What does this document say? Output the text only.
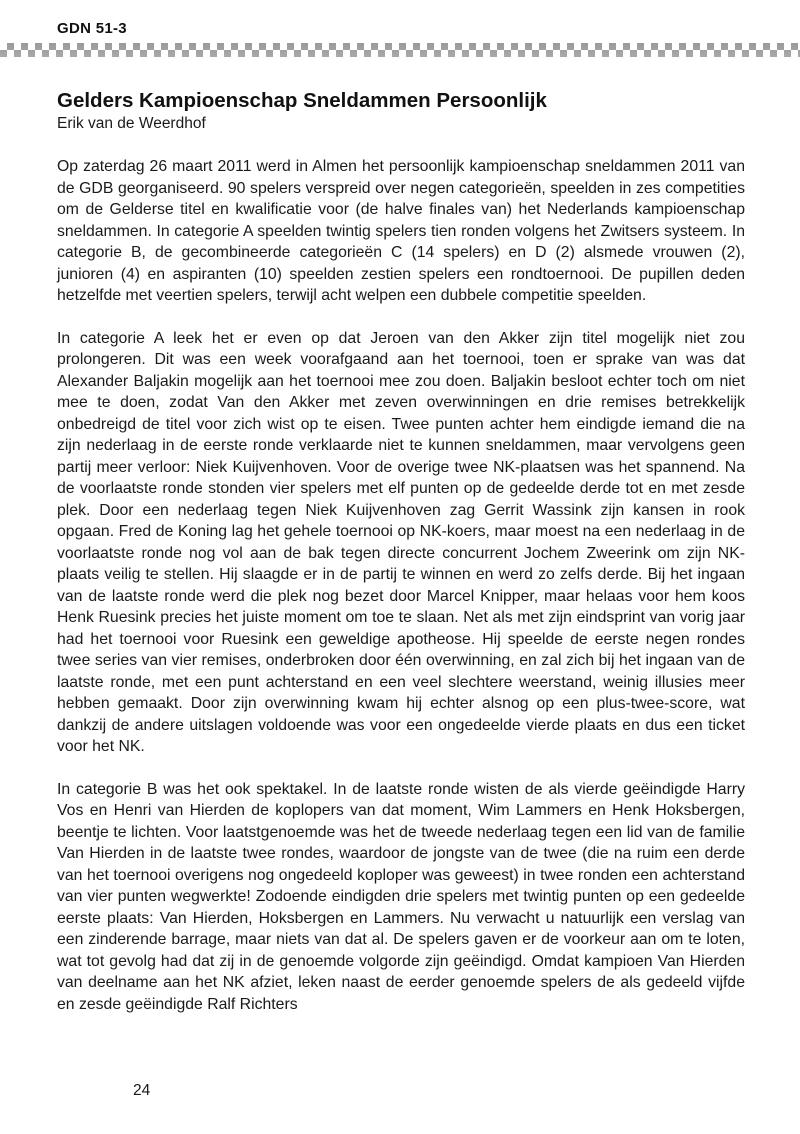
GDN 51-3
Gelders Kampioenschap Sneldammen Persoonlijk

Erik van de Weerdhof

Op zaterdag 26 maart 2011 werd in Almen het persoonlijk kampioenschap sneldammen 2011 van de GDB georganiseerd. 90 spelers verspreid over negen categorieën, speelden in zes competities om de Gelderse titel en kwalificatie voor (de halve finales van) het Nederlands kampioenschap sneldammen. In categorie A speelden twintig spelers tien ronden volgens het Zwitsers systeem. In categorie B, de gecombineerde categorieën C (14 spelers) en D (2) alsmede vrouwen (2), junioren (4) en aspiranten (10) speelden zestien spelers een rondtoernooi. De pupillen deden hetzelfde met veertien spelers, terwijl acht welpen een dubbele competitie speelden.

In categorie A leek het er even op dat Jeroen van den Akker zijn titel mogelijk niet zou prolongeren. Dit was een week voorafgaand aan het toernooi, toen er sprake van was dat Alexander Baljakin mogelijk aan het toernooi mee zou doen. Baljakin besloot echter toch om niet mee te doen, zodat Van den Akker met zeven overwinningen en drie remises betrekkelijk onbedreigd de titel voor zich wist op te eisen. Twee punten achter hem eindigde iemand die na zijn nederlaag in de eerste ronde verklaarde niet te kunnen sneldammen, maar vervolgens geen partij meer verloor: Niek Kuijvenhoven. Voor de overige twee NK-plaatsen was het spannend. Na de voorlaatste ronde stonden vier spelers met elf punten op de gedeelde derde tot en met zesde plek. Door een nederlaag tegen Niek Kuijvenhoven zag Gerrit Wassink zijn kansen in rook opgaan. Fred de Koning lag het gehele toernooi op NK-koers, maar moest na een nederlaag in de voorlaatste ronde nog vol aan de bak tegen directe concurrent Jochem Zweerink om zijn NK-plaats veilig te stellen. Hij slaagde er in de partij te winnen en werd zo zelfs derde. Bij het ingaan van de laatste ronde werd die plek nog bezet door Marcel Knipper, maar helaas voor hem koos Henk Ruesink precies het juiste moment om toe te slaan. Net als met zijn eindsprint van vorig jaar had het toernooi voor Ruesink een geweldige apotheose. Hij speelde de eerste negen rondes twee series van vier remises, onderbroken door één overwinning, en zal zich bij het ingaan van de laatste ronde, met een punt achterstand en een veel slechtere weerstand, weinig illusies meer hebben gemaakt. Door zijn overwinning kwam hij echter alsnog op een plus-twee-score, wat dankzij de andere uitslagen voldoende was voor een ongedeelde vierde plaats en dus een ticket voor het NK.

In categorie B was het ook spektakel. In de laatste ronde wisten de als vierde geëindigde Harry Vos en Henri van Hierden de koplopers van dat moment, Wim Lammers en Henk Hoksbergen, beentje te lichten. Voor laatstgenoemde was het de tweede nederlaag tegen een lid van de familie Van Hierden in de laatste twee rondes, waardoor de jongste van de twee (die na ruim een derde van het toernooi overigens nog ongedeeld koploper was geweest) in twee ronden een achterstand van vier punten wegwerkte! Zodoende eindigden drie spelers met twintig punten op een gedeelde eerste plaats: Van Hierden, Hoksbergen en Lammers. Nu verwacht u natuurlijk een verslag van een zinderende barrage, maar niets van dat al. De spelers gaven er de voorkeur aan om te loten, wat tot gevolg had dat zij in de genoemde volgorde zijn geëindigd. Omdat kampioen Van Hierden van deelname aan het NK afziet, leken naast de eerder genoemde spelers de als gedeeld vijfde en zesde geëindigde Ralf Richters

24
